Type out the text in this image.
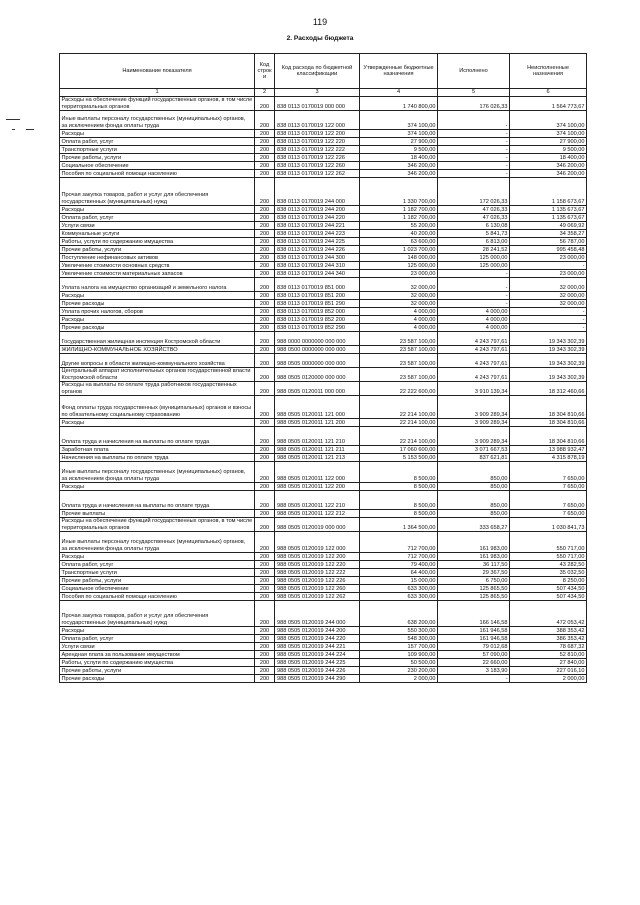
119
2. Расходы бюджета
Наименование показателя	Код строк и	Код расхода по бюджетной классификации	Утвержденные бюджетные назначения	Исполнено	Неисполненные назначения
1	2	3	4	5	6
Расходы на обеспечение функций государственных органов, в том числе территориальных органов	200	838 0113 0170019 000 000	1 740 800,00	176 026,33	1 564 773,67
Иные выплаты персоналу государственных (муниципальных) органов, за исключением фонда оплаты труда	200	838 0113 0170019 122 000	374 100,00	-	374 100,00
Расходы	200	838 0113 0170019 122 200	374 100,00	-	374 100,00
Оплата работ, услуг	200	838 0113 0170019 122 220	27 900,00	-	27 900,00
Транспортные услуги	200	838 0113 0170019 122 222	9 500,00	-	9 500,00
Прочие работы, услуги	200	838 0113 0170019 122 226	18 400,00	-	18 400,00
Социальное обеспечение	200	838 0113 0170019 122 260	346 200,00	-	346 200,00
Пособия по социальной помощи населению	200	838 0113 0170019 122 262	346 200,00	-	346 200,00
Прочая закупка товаров, работ и услуг для обеспечения государственных (муниципальных) нужд	200	838 0113 0170019 244 000	1 330 700,00	172 026,33	1 158 673,67
Расходы	200	838 0113 0170019 244 200	1 182 700,00	47 026,33	1 135 673,67
Оплата работ, услуг	200	838 0113 0170019 244 220	1 182 700,00	47 026,33	1 135 673,67
Услуги связи	200	838 0113 0170019 244 221	55 200,00	6 130,08	49 069,92
Коммунальные услуги	200	838 0113 0170019 244 223	40 200,00	5 841,73	34 358,27
Работы, услуги по содержанию имущества	200	838 0113 0170019 244 225	63 600,00	6 813,00	56 787,00
Прочие работы, услуги	200	838 0113 0170019 244 226	1 023 700,00	28 241,52	995 458,48
Поступление нефинансовых активов	200	838 0113 0170019 244 300	148 000,00	125 000,00	23 000,00
Увеличение стоимости основных средств	200	838 0113 0170019 244 310	125 000,00	125 000,00	-
Увеличение стоимости материальных запасов	200	838 0113 0170019 244 340	23 000,00	-	23 000,00
Уплата налога на имущество организаций и земельного налога	200	838 0113 0170019 851 000	32 000,00	-	32 000,00
Расходы	200	838 0113 0170019 851 200	32 000,00	-	32 000,00
Прочие расходы	200	838 0113 0170019 851 290	32 000,00	-	32 000,00
Уплата прочих налогов, сборов	200	838 0113 0170019 852 000	4 000,00	4 000,00	-
Расходы	200	838 0113 0170019 852 200	4 000,00	4 000,00	-
Прочие расходы	200	838 0113 0170019 852 290	4 000,00	4 000,00	-
Государственная жилищная инспекция Костромской области	200	988 0000 0000000 000 000	23 587 100,00	4 243 797,61	19 343 302,39
ЖИЛИЩНО-КОММУНАЛЬНОЕ ХОЗЯЙСТВО	200	988 0500 0000000 000 000	23 587 100,00	4 243 797,61	19 343 302,39
Другие вопросы в области жилищно-коммунального хозяйства	200	988 0505 0000000 000 000	23 587 100,00	4 243 797,61	19 343 302,39
Центральный аппарат исполнительных органов государственной власти Костромской области	200	988 0505 0120000 000 000	23 587 100,00	4 243 797,61	19 343 302,39
Расходы на выплаты по оплате труда работников государственных органов	200	988 0505 0120011 000 000	22 222 600,00	3 910 139,34	18 312 460,66
Фонд оплаты труда государственных (муниципальных) органов и взносы по обязательному социальному страхованию	200	988 0505 0120011 121 000	22 214 100,00	3 909 289,34	18 304 810,66
Расходы	200	988 0505 0120011 121 200	22 214 100,00	3 909 289,34	18 304 810,66
Оплата труда и начисления на выплаты по оплате труда	200	988 0505 0120011 121 210	22 214 100,00	3 909 289,34	18 304 810,66
Заработная плата	200	988 0505 0120011 121 211	17 060 600,00	3 071 667,53	13 988 932,47
Начисления на выплаты по оплате труда	200	988 0505 0120011 121 213	5 153 500,00	837 621,81	4 315 878,19
Иные выплаты персоналу государственных (муниципальных) органов, за исключением фонда оплаты труда	200	988 0505 0120011 122 000	8 500,00	850,00	7 650,00
Расходы	200	988 0505 0120011 122 200	8 500,00	850,00	7 650,00
Оплата труда и начисления на выплаты по оплате труда	200	988 0505 0120011 122 210	8 500,00	850,00	7 650,00
Прочие выплаты	200	988 0505 0120011 122 212	8 500,00	850,00	7 650,00
Расходы на обеспечение функций государственных органов, в том числе территориальных органов	200	988 0505 0120019 000 000	1 364 500,00	333 658,27	1 030 841,73
Иные выплаты персоналу государственных (муниципальных) органов, за исключением фонда оплаты труда	200	988 0505 0120019 122 000	712 700,00	161 983,00	550 717,00
Расходы	200	988 0505 0120019 122 200	712 700,00	161 983,00	550 717,00
Оплата работ, услуг	200	988 0505 0120019 122 220	79 400,00	36 117,50	43 282,50
Транспортные услуги	200	988 0505 0120019 122 222	64 400,00	29 367,50	35 032,50
Прочие работы, услуги	200	988 0505 0120019 122 226	15 000,00	6 750,00	8 250,00
Социальное обеспечение	200	988 0505 0120019 122 260	633 300,00	125 865,50	507 434,50
Пособия по социальной помощи населению	200	988 0505 0120019 122 262	633 300,00	125 865,50	507 434,50
Прочая закупка товаров, работ и услуг для обеспечения государственных (муниципальных) нужд	200	988 0505 0120019 244 000	638 200,00	166 146,58	472 053,42
Расходы	200	988 0505 0120019 244 200	550 300,00	161 946,58	388 353,42
Оплата работ, услуг	200	988 0505 0120019 244 220	548 300,00	161 946,58	386 353,42
Услуги связи	200	988 0505 0120019 244 221	157 700,00	79 012,68	78 687,32
Арендная плата за пользование имуществом	200	988 0505 0120019 244 224	109 900,00	57 090,00	52 810,00
Работы, услуги по содержанию имущества	200	988 0505 0120019 244 225	50 500,00	22 660,00	27 840,00
Прочие работы, услуги	200	988 0505 0120019 244 226	230 200,00	3 183,90	227 016,10
Прочие расходы	200	988 0505 0120019 244 290	2 000,00	-	2 000,00
